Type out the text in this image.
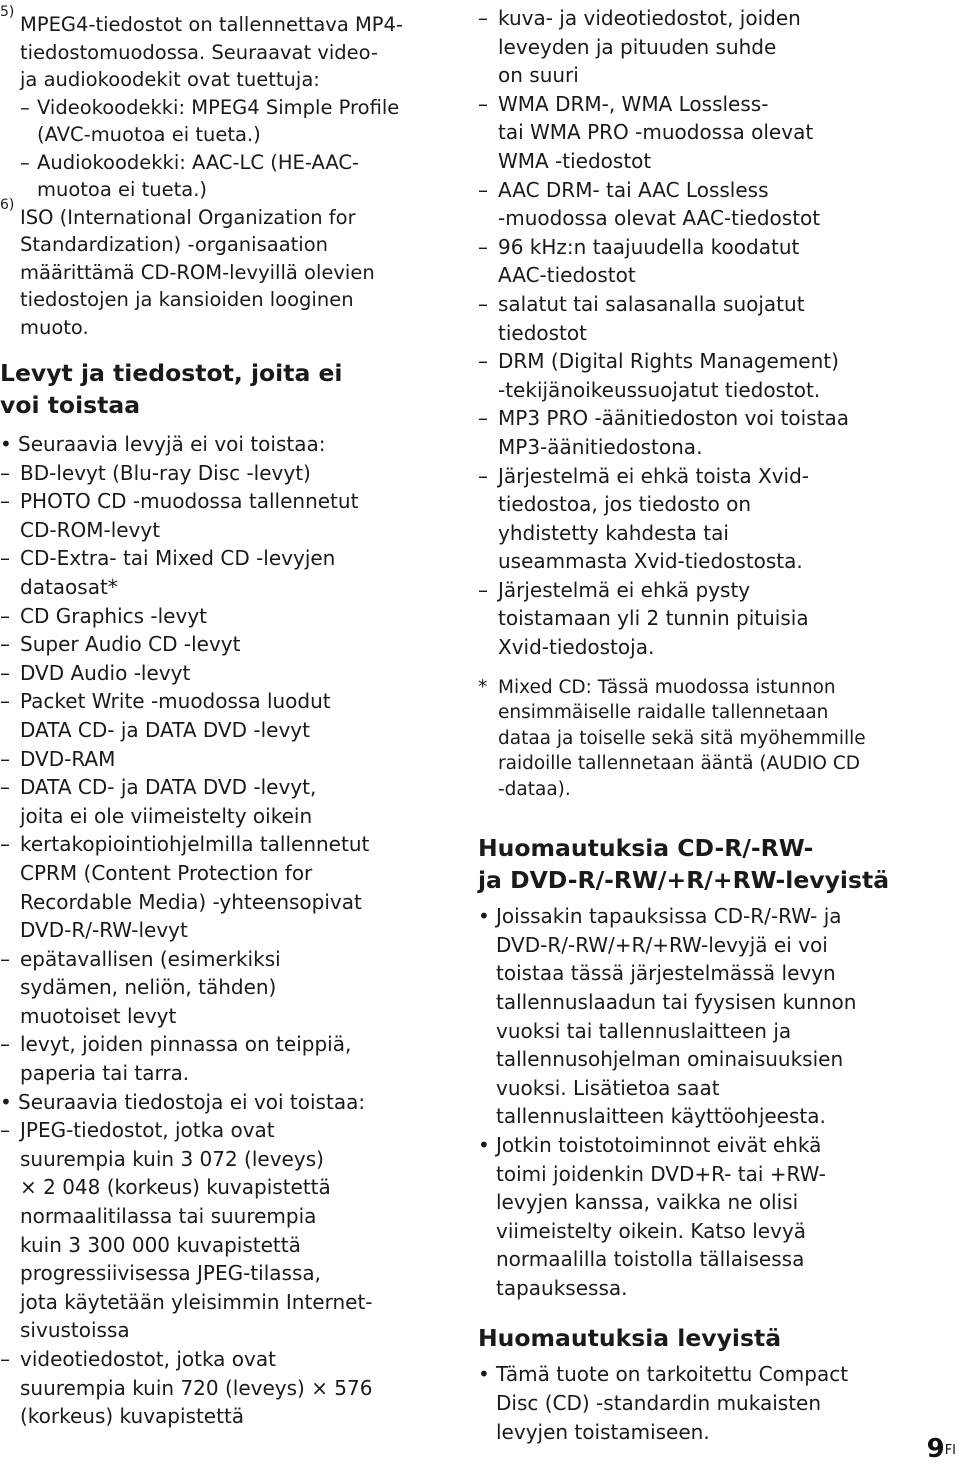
5)
MPEG4-tiedostot on tallennettava MP4-
tiedostomuodossa. Seuraavat video-
ja audiokoodekit ovat tuettuja:
– Videokoodekki: MPEG4 Simple Profile
(AVC-muotoa ei tueta.)
– Audiokoodekki: AAC-LC (HE-AAC-
muotoa ei tueta.)
6)
ISO (International Organization for
Standardization) -organisaation
määrittämä CD-ROM-levyillä olevien
tiedostojen ja kansioiden looginen
muoto.
Levyt ja tiedostot, joita ei
voi toistaa
• Seuraavia levyjä ei voi toistaa:
– BD-levyt (Blu-ray Disc -levyt)
– PHOTO CD -muodossa tallennetut
CD-ROM-levyt
– CD-Extra- tai Mixed CD -levyjen
dataosat*
– CD Graphics -levyt
– Super Audio CD -levyt
– DVD Audio -levyt
– Packet Write -muodossa luodut
DATA CD- ja DATA DVD -levyt
– DVD-RAM
– DATA CD- ja DATA DVD -levyt,
joita ei ole viimeistelty oikein
– kertakopiointiohjelmilla tallennetut
CPRM (Content Protection for
Recordable Media) -yhteensopivat
DVD-R/-RW-levyt
– epätavallisen (esimerkiksi
sydämen, neliön, tähden)
muotoiset levyt
– levyt, joiden pinnassa on teippiä,
paperia tai tarra.
• Seuraavia tiedostoja ei voi toistaa:
– JPEG-tiedostot, jotka ovat
suurempia kuin 3 072 (leveys)
× 2 048 (korkeus) kuvapistettä
normaalitilassa tai suurempia
kuin 3 300 000 kuvapistettä
progressiivisessa JPEG-tilassa,
jota käytetään yleisimmin Internet-
sivustoissa
– videotiedostot, jotka ovat
suurempia kuin 720 (leveys) × 576
(korkeus) kuvapistettä
– kuva- ja videotiedostot, joiden
leveyden ja pituuden suhde
on suuri
– WMA DRM-, WMA Lossless-
tai WMA PRO -muodossa olevat
WMA -tiedostot
– AAC DRM- tai AAC Lossless
-muodossa olevat AAC-tiedostot
– 96 kHz:n taajuudella koodatut
AAC-tiedostot
– salatut tai salasanalla suojatut
tiedostot
– DRM (Digital Rights Management)
-tekijänoikeussuojatut tiedostot.
– MP3 PRO -äänitiedoston voi toistaa
MP3-äänitiedostona.
– Järjestelmä ei ehkä toista Xvid-
tiedostoa, jos tiedosto on
yhdistetty kahdesta tai
useammasta Xvid-tiedostosta.
– Järjestelmä ei ehkä pysty
toistamaan yli 2 tunnin pituisia
Xvid-tiedostoja.
* Mixed CD: Tässä muodossa istunnon
ensimmäiselle raidalle tallennetaan
dataa ja toiselle sekä sitä myöhemmille
raidoille tallennetaan ääntä (AUDIO CD
-dataa).
Huomautuksia CD-R/-RW-
ja DVD-R/-RW/+R/+RW-levyistä
• Joissakin tapauksissa CD-R/-RW- ja
DVD-R/-RW/+R/+RW-levyjä ei voi
toistaa tässä järjestelmässä levyn
tallennuslaadun tai fyysisen kunnon
vuoksi tai tallennuslaitteen ja
tallennusohjelman ominaisuuksien
vuoksi. Lisätietoa saat
tallennuslaitteen käyttöohjeesta.
• Jotkin toistotoiminnot eivät ehkä
toimi joidenkin DVD+R- tai +RW-
levyjen kanssa, vaikka ne olisi
viimeistelty oikein. Katso levyä
normaalilla toistolla tällaisessa
tapauksessa.
Huomautuksia levyistä
• Tämä tuote on tarkoitettu Compact
Disc (CD) -standardin mukaisten
levyjen toistamiseen.
$9^{FI}$
